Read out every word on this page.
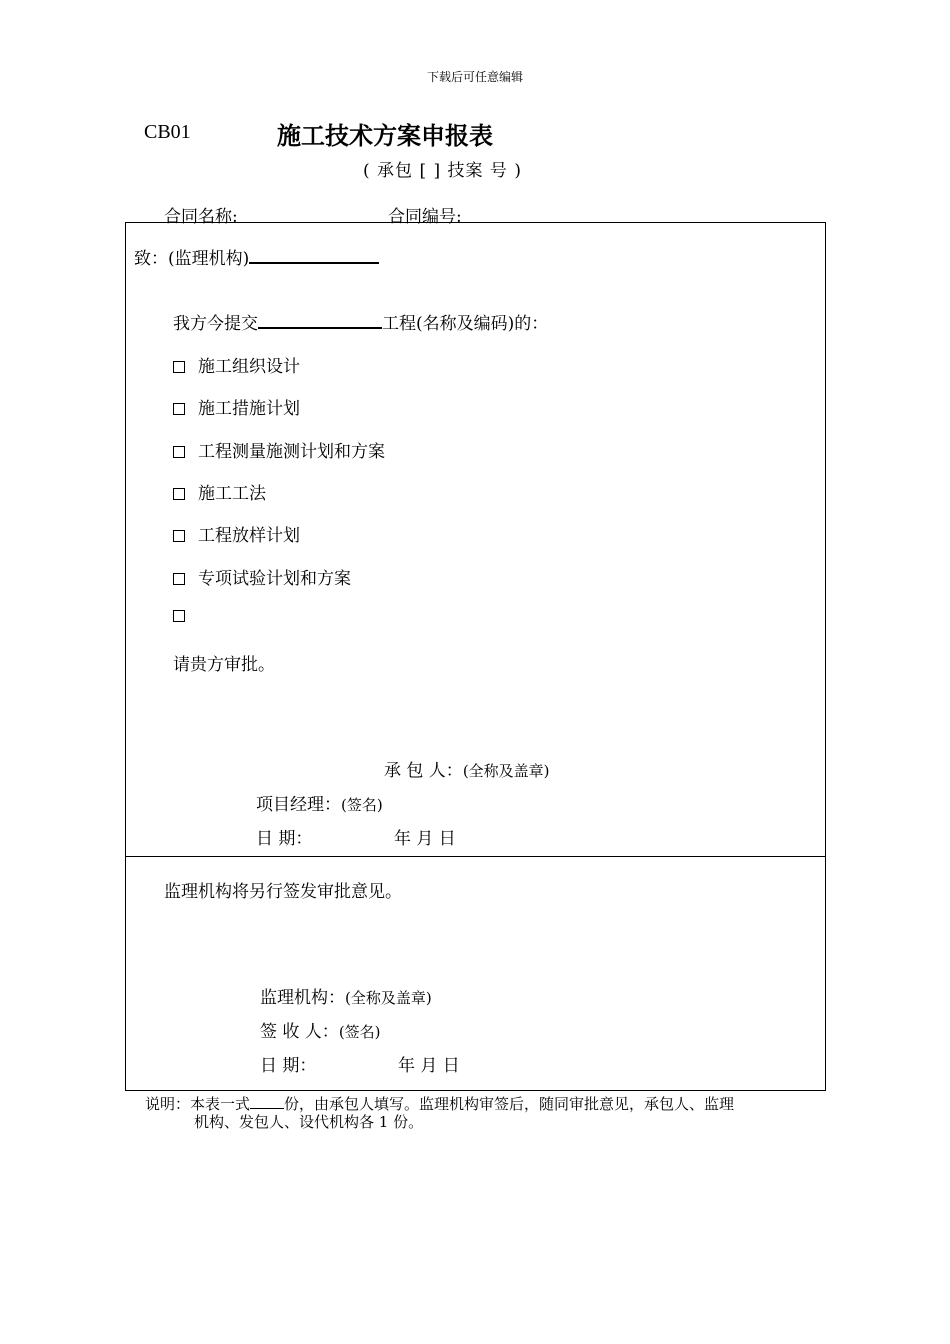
下载后可任意编辑
CB01	施工技术方案申报表
( 承包 [ ] 技案 号 )
合同名称:	合同编号:
致：(监理机构)
我方今提交	工程(名称及编码)的：
施工组织设计
施工措施计划
工程测量施测计划和方案
施工工法
工程放样计划
专项试验计划和方案
请贵方审批。
承 包 人：(全称及盖章)
项目经理：(签名)
日 期：	年 月 日
监理机构将另行签发审批意见。
监理机构：(全称及盖章)
签 收 人：(签名)
日 期：	年 月 日
说明：本表一式 份，由承包人填写。监理机构审签后，随同审批意见，承包人、监理
机构、发包人、设代机构各 1 份。
